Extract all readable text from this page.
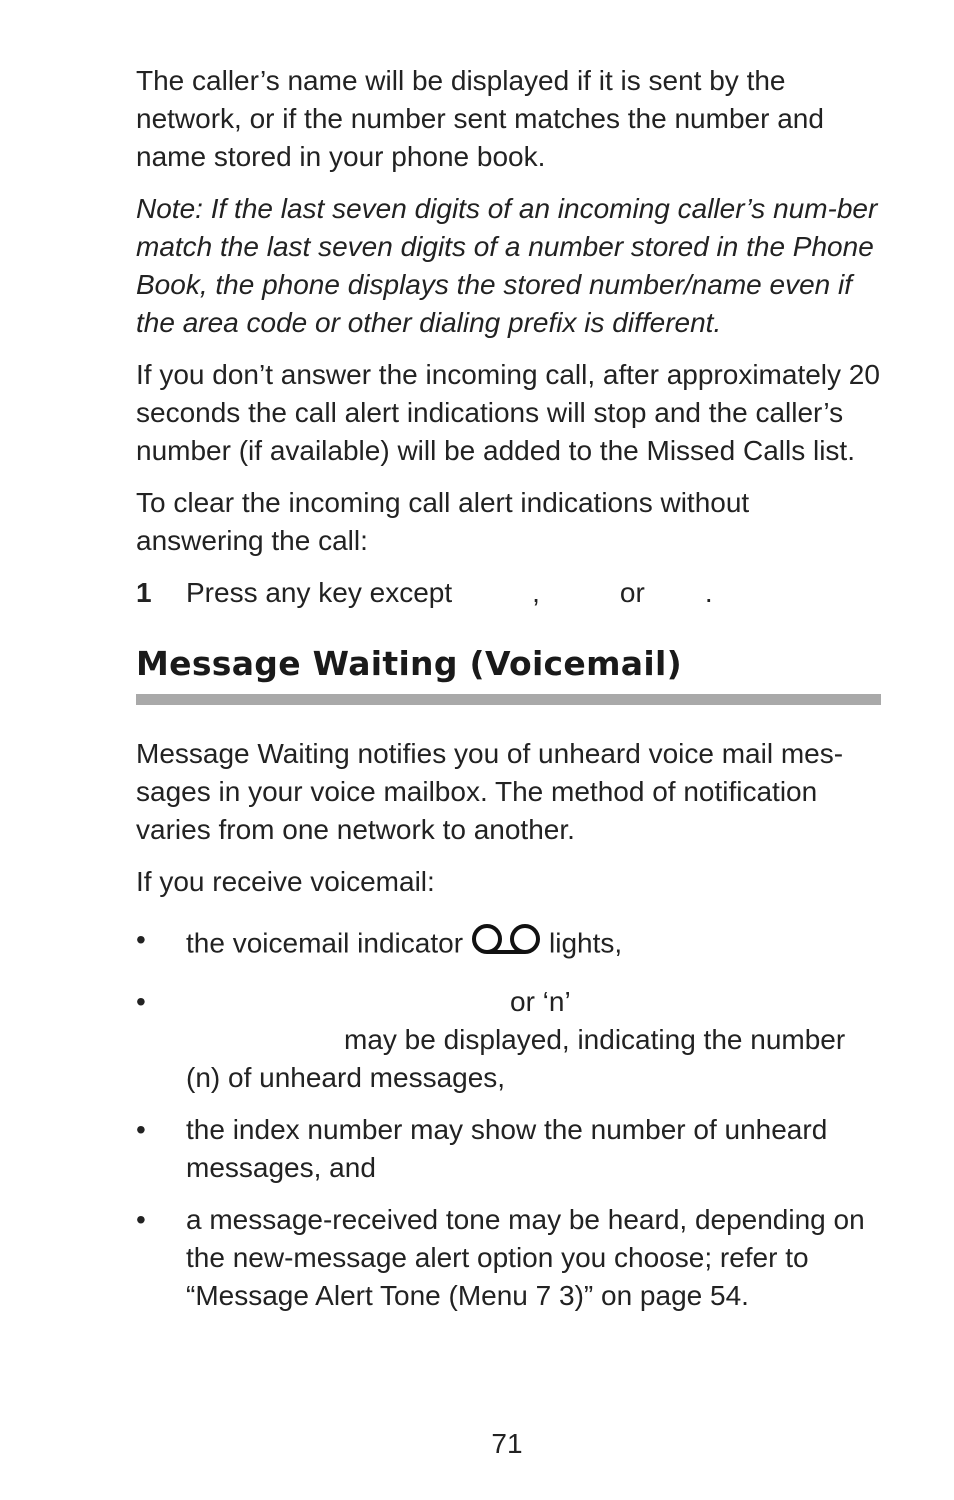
The caller’s name will be displayed if it is sent by the network, or if the number sent matches the number and name stored in your phone book.

Note: If the last seven digits of an incoming caller’s num-ber match the last seven digits of a number stored in the Phone Book, the phone displays the stored number/name even if the area code or other dialing prefix is different.

If you don’t answer the incoming call, after approximately 20 seconds the call alert indications will stop and the caller’s number (if available) will be added to the Missed Calls list.

To clear the incoming call alert indications without answering the call:

1	Press any key except	,	or .
Message Waiting (Voicemail)

Message Waiting notifies you of unheard voice mail mes-sages in your voice mailbox. The method of notification varies from one network to another.

If you receive voicemail:

•	the voicemail indicator	lights,
•	or ‘n’
may be displayed, indicating the number (n) of unheard messages,
•	the index number may show the number of unheard messages, and
•	a message-received tone may be heard, depending on the new-message alert option you choose; refer to “Message Alert Tone (Menu 7 3)” on page 54.
71
